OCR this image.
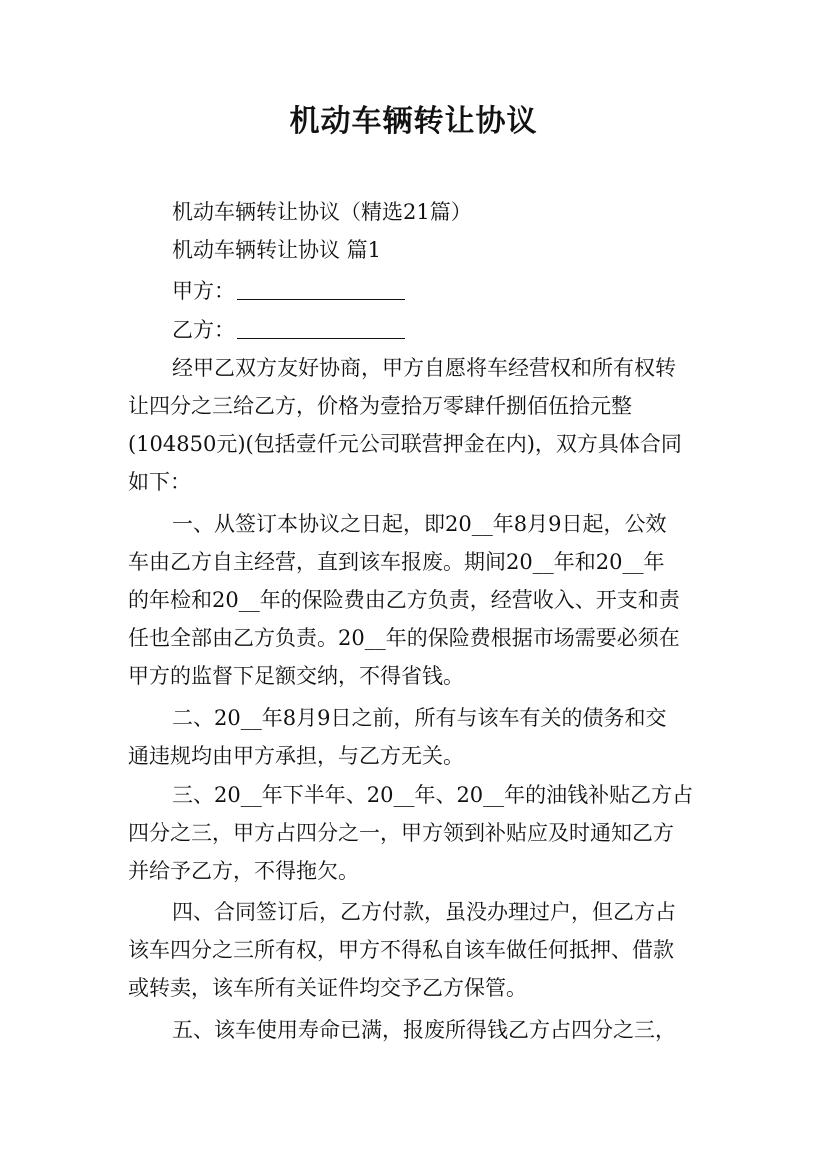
机动车辆转让协议
机动车辆转让协议（精选21篇）
机动车辆转让协议 篇1
甲方：
乙方：
经甲乙双方友好协商，甲方自愿将车经营权和所有权转
让四分之三给乙方，价格为壹拾万零肆仟捌佰伍拾元整
(104850元)(包括壹仟元公司联营押金在内)，双方具体合同
如下：
一、从签订本协议之日起，即20__年8月9日起，公效
车由乙方自主经营，直到该车报废。期间20__年和20__年
的年检和20__年的保险费由乙方负责，经营收入、开支和责
任也全部由乙方负责。20__年的保险费根据市场需要必须在
甲方的监督下足额交纳，不得省钱。
二、20__年8月9日之前，所有与该车有关的债务和交
通违规均由甲方承担，与乙方无关。
三、20__年下半年、20__年、20__年的油钱补贴乙方占
四分之三，甲方占四分之一，甲方领到补贴应及时通知乙方
并给予乙方，不得拖欠。
四、合同签订后，乙方付款，虽没办理过户，但乙方占
该车四分之三所有权，甲方不得私自该车做任何抵押、借款
或转卖，该车所有关证件均交予乙方保管。
五、该车使用寿命已满，报废所得钱乙方占四分之三，
